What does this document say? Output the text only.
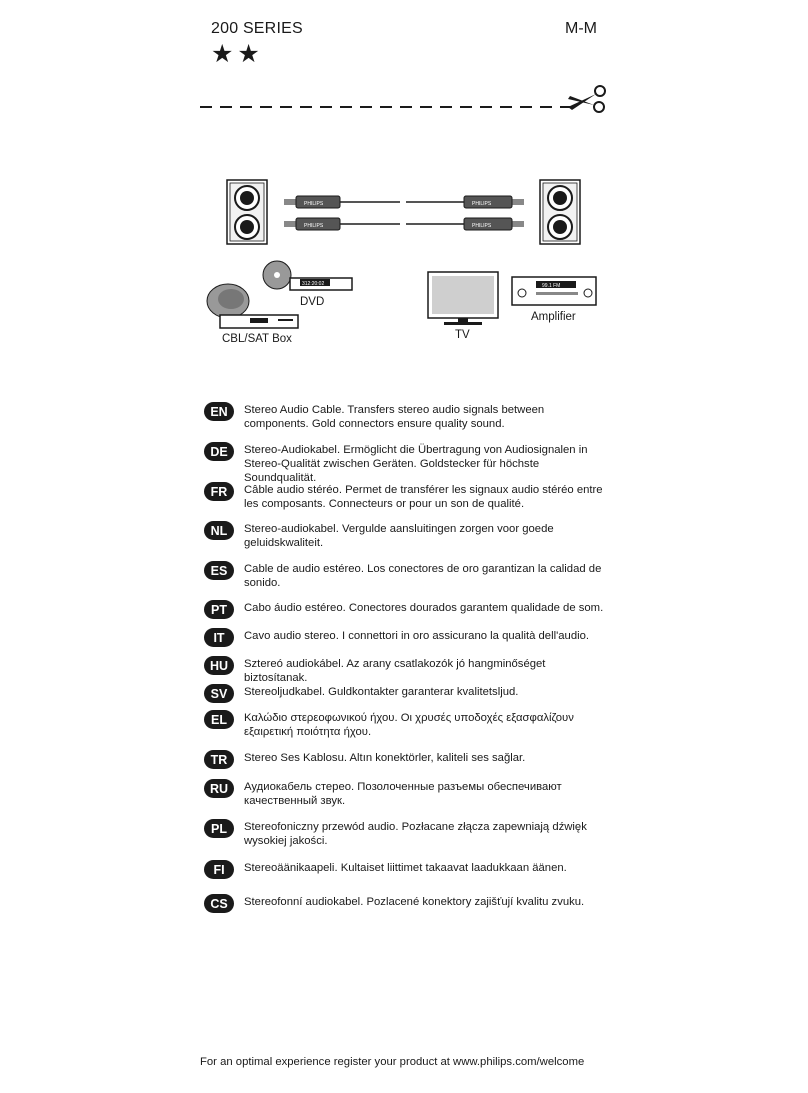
200 SERIES	M-M
★★
PHILIPS
PHILIPS
PHILIPS
PHILIPS
312:20:02	99.1 FM
DVD
CBL/SAT Box	TV
Amplifier
EN	Stereo Audio Cable. Transfers stereo audio signals between components. Gold connectors ensure quality sound.
DE	Stereo-Audiokabel. Ermöglicht die Übertragung von Audiosignalen in Stereo-Qualität zwischen Geräten. Goldstecker für höchste Soundqualität.
FR	Câble audio stéréo. Permet de transférer les signaux audio stéréo entre les composants. Connecteurs or pour un son de qualité.
NL	Stereo-audiokabel. Vergulde aansluitingen zorgen voor goede geluidskwaliteit.
ES	Cable de audio estéreo. Los conectores de oro garantizan la calidad de sonido.
PT	Cabo áudio estéreo. Conectores dourados garantem qualidade de som.
IT	Cavo audio stereo. I connettori in oro assicurano la qualità dell'audio.
HU	Sztereó audiokábel. Az arany csatlakozók jó hangminőséget biztosítanak.
SV	Stereoljudkabel. Guldkontakter garanterar kvalitetsljud.
EL	Καλώδιο στερεοφωνικού ήχου. Οι χρυσές υποδοχές εξασφαλίζουν εξαιρετική ποιότητα ήχου.
TR	Stereo Ses Kablosu. Altın konektörler, kaliteli ses sağlar.
RU	Аудиокабель стерео. Позолоченные разъемы обеспечивают качественный звук.
PL	Stereofoniczny przewód audio. Pozłacane złącza zapewniają dźwięk wysokiej jakości.
FI	Stereoäänikaapeli. Kultaiset liittimet takaavat laadukkaan äänen.
CS	Stereofonní audiokabel. Pozlacené konektory zajišťují kvalitu zvuku.
For an optimal experience register your product at www.philips.com/welcome
